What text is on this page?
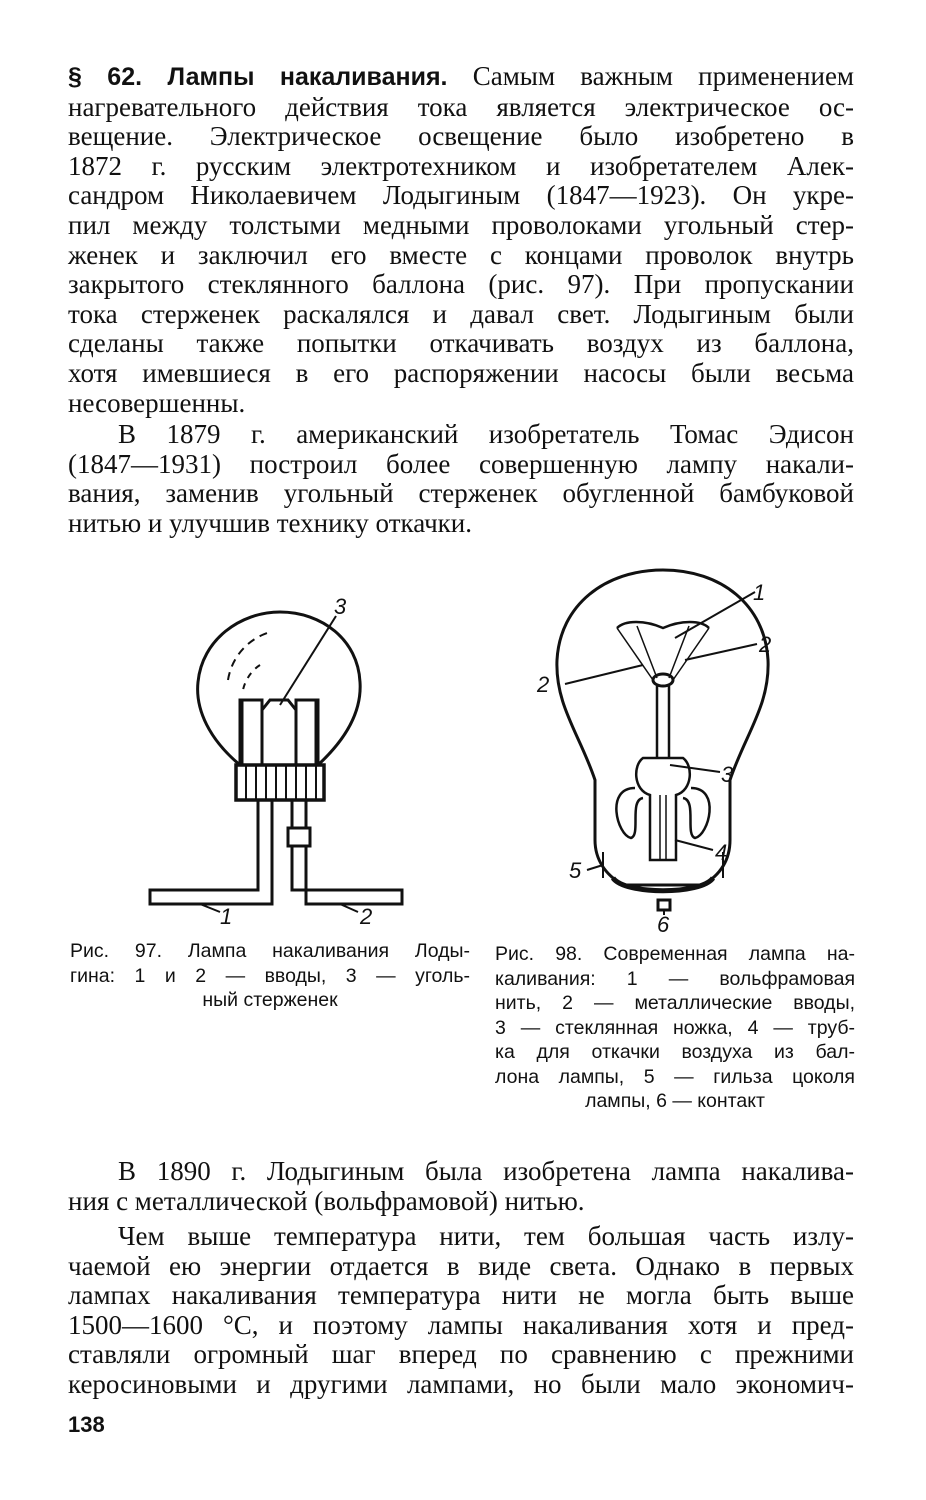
§ 62. Лампы накаливания. Самым важным применением
нагревательного действия тока является электрическое ос-
вещение. Электрическое освещение было изобретено в
1872 г. русским электротехником и изобретателем Алек-
сандром Николаевичем Лодыгиным (1847—1923). Он укре-
пил между толстыми медными проволоками угольный стер-
женек и заключил его вместе с концами проволок внутрь
закрытого стеклянного баллона (рис. 97). При пропускании
тока стерженек раскалялся и давал свет. Лодыгиным были
сделаны также попытки откачивать воздух из баллона,
хотя имевшиеся в его распоряжении насосы были весьма
несовершенны.
В 1879 г. американский изобретатель Томас Эдисон
(1847—1931) построил более совершенную лампу накали-
вания, заменив угольный стерженек обугленной бамбуковой
нитью и улучшив технику откачки.
3
1	2
1
2
2
3
4
5
6
Рис. 97. Лампа накаливания Лоды-
гина: 1 и 2 — вводы, 3 — уголь-
ный стерженек
Рис. 98. Современная лампа на-
каливания: 1 — вольфрамовая
нить, 2 — металлические вводы,
3 — стеклянная ножка, 4 — труб-
ка для откачки воздуха из бал-
лона лампы, 5 — гильза цоколя
лампы, 6 — контакт
В 1890 г. Лодыгиным была изобретена лампа накалива-
ния с металлической (вольфрамовой) нитью.
Чем выше температура нити, тем большая часть излу-
чаемой ею энергии отдается в виде света. Однако в первых
лампах накаливания температура нити не могла быть выше
1500—1600 °С, и поэтому лампы накаливания хотя и пред-
ставляли огромный шаг вперед по сравнению с прежними
керосиновыми и другими лампами, но были мало экономич-
138
